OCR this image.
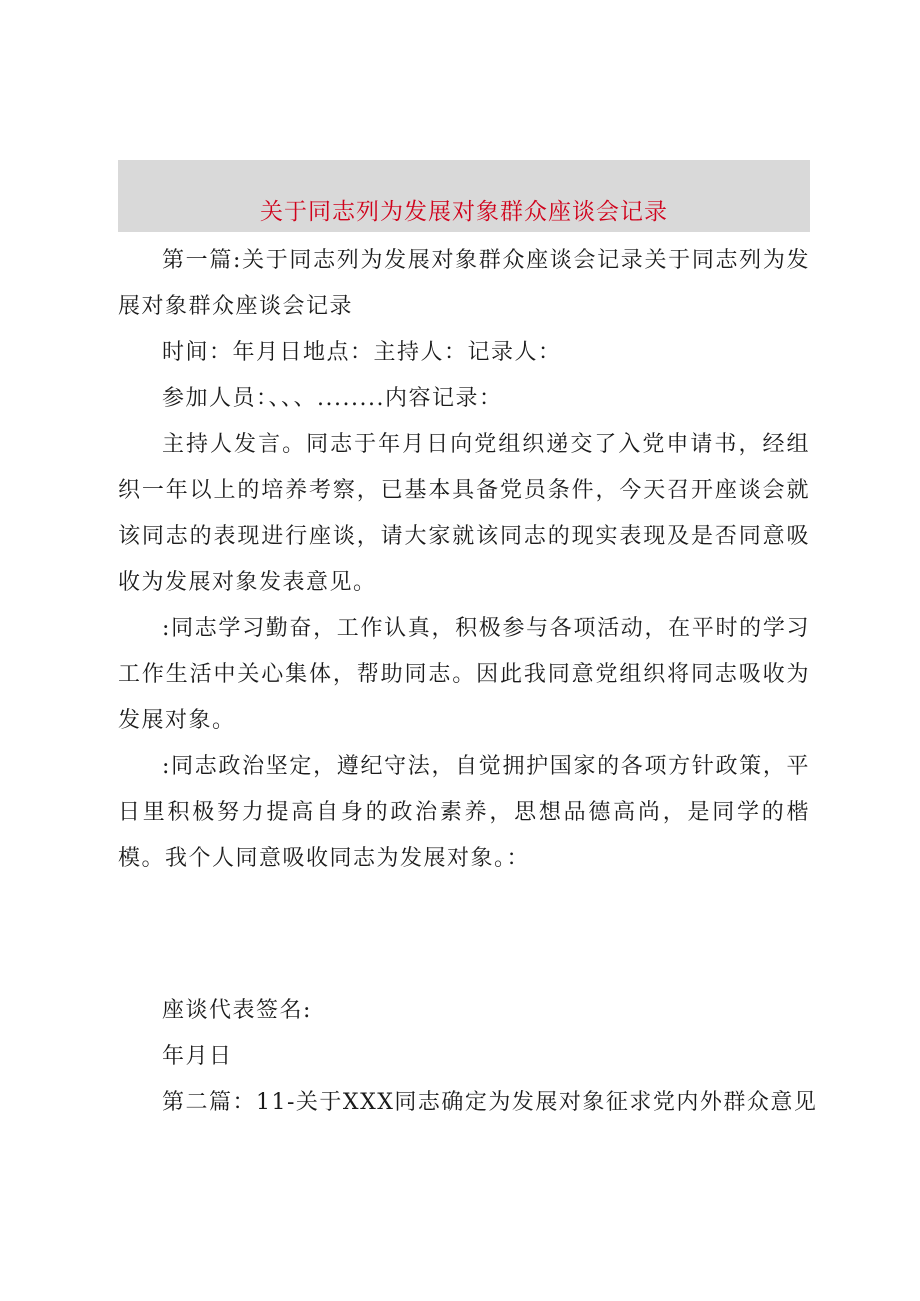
关于同志列为发展对象群众座谈会记录

第一篇:关于同志列为发展对象群众座谈会记录关于同志列为发展对象群众座谈会记录

时间：年月日地点：主持人：记录人：

参加人员：、、、........内容记录：

主持人发言。同志于年月日向党组织递交了入党申请书，经组织一年以上的培养考察，已基本具备党员条件，今天召开座谈会就该同志的表现进行座谈，请大家就该同志的现实表现及是否同意吸收为发展对象发表意见。

:同志学习勤奋，工作认真，积极参与各项活动，在平时的学习工作生活中关心集体，帮助同志。因此我同意党组织将同志吸收为发展对象。

:同志政治坚定，遵纪守法，自觉拥护国家的各项方针政策，平日里积极努力提高自身的政治素养，思想品德高尚，是同学的楷模。我个人同意吸收同志为发展对象。：

座谈代表签名:

年月日

第二篇：11-关于XXX同志确定为发展对象征求党内外群众意见
